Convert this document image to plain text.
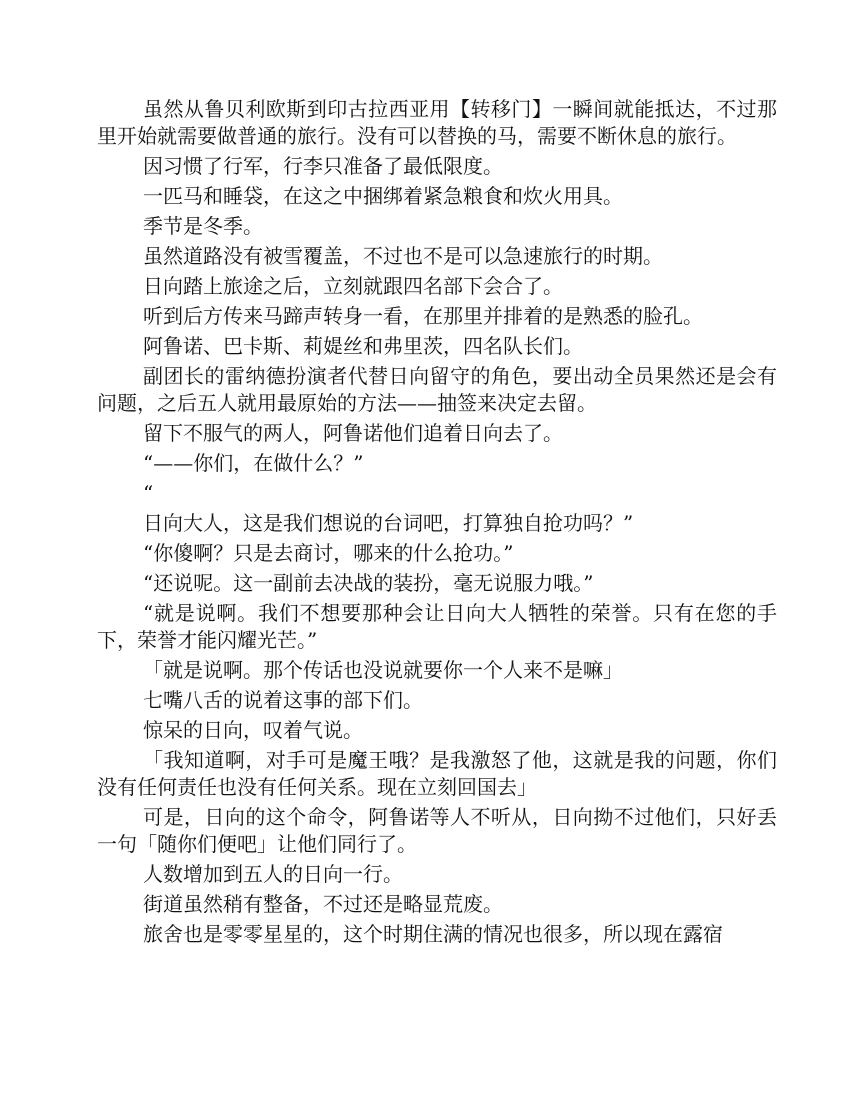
虽然从鲁贝利欧斯到印古拉西亚用【转移门】一瞬间就能抵达，不过那里开始就需要做普通的旅行。没有可以替换的马，需要不断休息的旅行。

因习惯了行军，行李只准备了最低限度。

一匹马和睡袋，在这之中捆绑着紧急粮食和炊火用具。

季节是冬季。

虽然道路没有被雪覆盖，不过也不是可以急速旅行的时期。

日向踏上旅途之后，立刻就跟四名部下会合了。

听到后方传来马蹄声转身一看，在那里并排着的是熟悉的脸孔。

阿鲁诺、巴卡斯、莉媞丝和弗里茨，四名队长们。

副团长的雷纳德扮演者代替日向留守的角色，要出动全员果然还是会有问题，之后五人就用最原始的方法——抽签来决定去留。

留下不服气的两人，阿鲁诺他们追着日向去了。

“——你们，在做什么？”

“

日向大人，这是我们想说的台词吧，打算独自抢功吗？”

“你傻啊？只是去商讨，哪来的什么抢功。”

“还说呢。这一副前去决战的装扮，毫无说服力哦。”

“就是说啊。我们不想要那种会让日向大人牺牲的荣誉。只有在您的手下，荣誉才能闪耀光芒。”

「就是说啊。那个传话也没说就要你一个人来不是嘛」

七嘴八舌的说着这事的部下们。

惊呆的日向，叹着气说。

「我知道啊，对手可是魔王哦？是我激怒了他，这就是我的问题，你们没有任何责任也没有任何关系。现在立刻回国去」

可是，日向的这个命令，阿鲁诺等人不听从，日向拗不过他们，只好丢一句「随你们便吧」让他们同行了。

人数增加到五人的日向一行。

街道虽然稍有整备，不过还是略显荒废。

旅舍也是零零星星的，这个时期住满的情况也很多，所以现在露宿
